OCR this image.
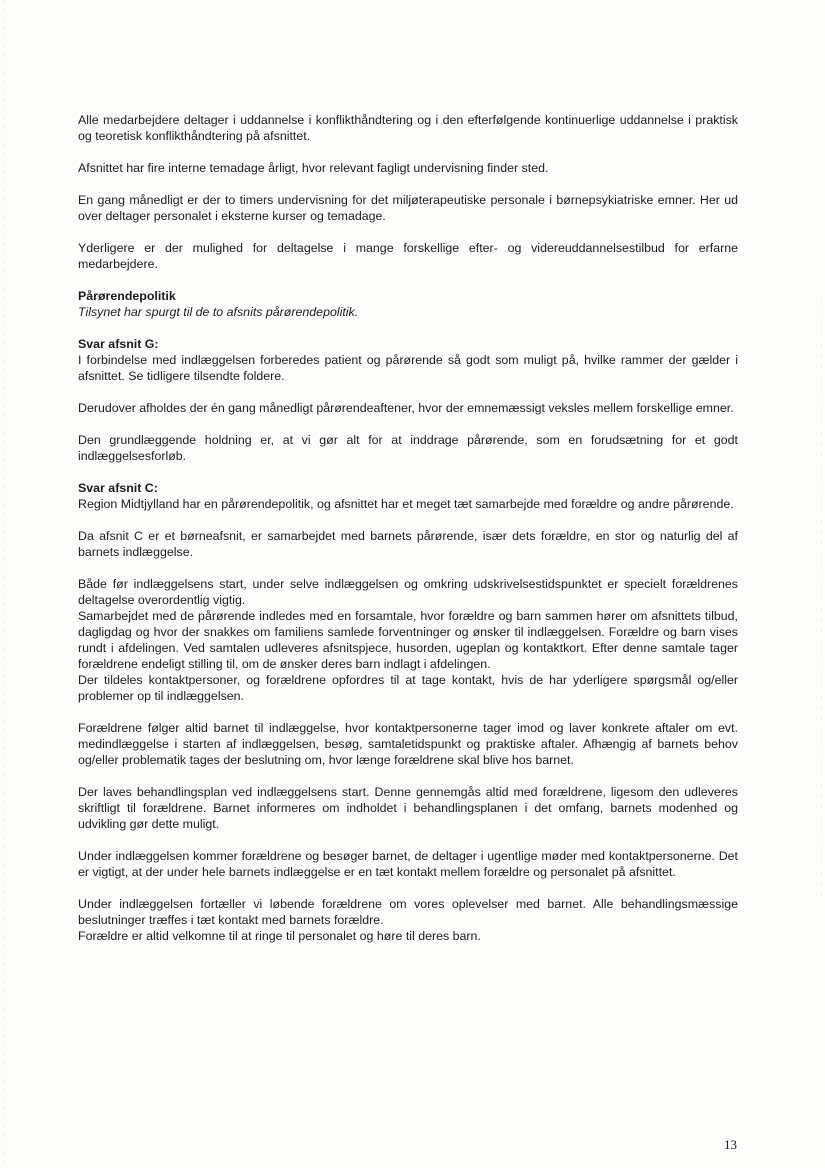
Alle medarbejdere deltager i uddannelse i konflikthåndtering og i den efterfølgende kontinuerlige uddannelse i praktisk og teoretisk konflikthåndtering på afsnittet.

Afsnittet har fire interne temadage årligt, hvor relevant fagligt undervisning finder sted.

En gang månedligt er der to timers undervisning for det miljøterapeutiske personale i børnepsykiatriske emner. Her ud over deltager personalet i eksterne kurser og temadage.

Yderligere er der mulighed for deltagelse i mange forskellige efter- og videreuddannelsestilbud for erfarne medarbejdere.

Pårørendepolitik

Tilsynet har spurgt til de to afsnits pårørendepolitik.

Svar afsnit G:

I forbindelse med indlæggelsen forberedes patient og pårørende så godt som muligt på, hvilke rammer der gælder i afsnittet. Se tidligere tilsendte foldere.

Derudover afholdes der én gang månedligt pårørendeaftener, hvor der emnemæssigt veksles mellem forskellige emner.

Den grundlæggende holdning er, at vi gør alt for at inddrage pårørende, som en forudsætning for et godt indlæggelsesforløb.

Svar afsnit C:

Region Midtjylland har en pårørendepolitik, og afsnittet har et meget tæt samarbejde med forældre og andre pårørende.

Da afsnit C er et børneafsnit, er samarbejdet med barnets pårørende, især dets forældre, en stor og naturlig del af barnets indlæggelse.

Både før indlæggelsens start, under selve indlæggelsen og omkring udskrivelsestidspunktet er specielt forældrenes deltagelse overordentlig vigtig.

Samarbejdet med de pårørende indledes med en forsamtale, hvor forældre og barn sammen hører om afsnittets tilbud, dagligdag og hvor der snakkes om familiens samlede forventninger og ønsker til indlæggelsen. Forældre og barn vises rundt i afdelingen. Ved samtalen udleveres afsnitspjece, husorden, ugeplan og kontaktkort. Efter denne samtale tager forældrene endeligt stilling til, om de ønsker deres barn indlagt i afdelingen.

Der tildeles kontaktpersoner, og forældrene opfordres til at tage kontakt, hvis de har yderligere spørgsmål og/eller problemer op til indlæggelsen.

Forældrene følger altid barnet til indlæggelse, hvor kontaktpersonerne tager imod og laver konkrete aftaler om evt. medindlæggelse i starten af indlæggelsen, besøg, samtaletidspunkt og praktiske aftaler. Afhængig af barnets behov og/eller problematik tages der beslutning om, hvor længe forældrene skal blive hos barnet.

Der laves behandlingsplan ved indlæggelsens start. Denne gennemgås altid med forældrene, ligesom den udleveres skriftligt til forældrene. Barnet informeres om indholdet i behandlingsplanen i det omfang, barnets modenhed og udvikling gør dette muligt.

Under indlæggelsen kommer forældrene og besøger barnet, de deltager i ugentlige møder med kontaktpersonerne. Det er vigtigt, at der under hele barnets indlæggelse er en tæt kontakt mellem forældre og personalet på afsnittet.

Under indlæggelsen fortæller vi løbende forældrene om vores oplevelser med barnet. Alle behandlingsmæssige beslutninger træffes i tæt kontakt med barnets forældre.

Forældre er altid velkomne til at ringe til personalet og høre til deres barn.

13
